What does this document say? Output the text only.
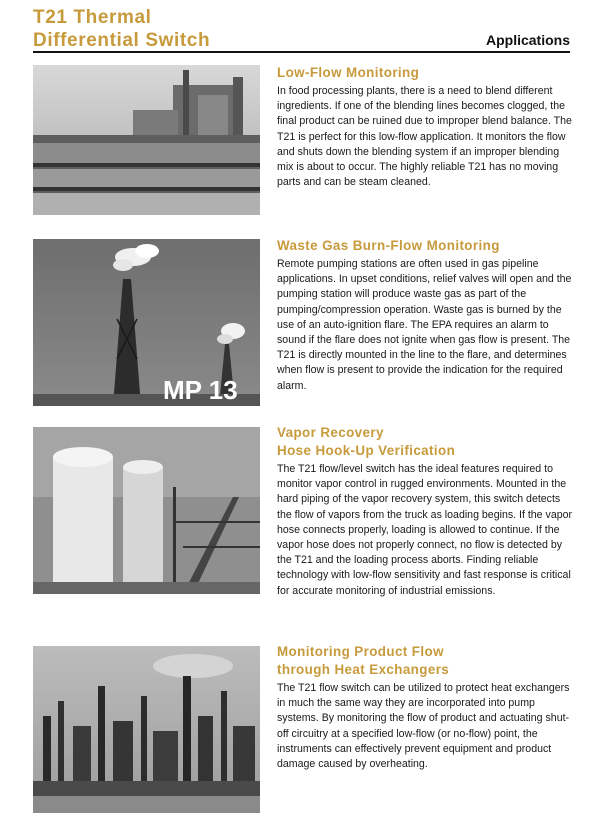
T21 Thermal
Differential Switch	Applications
MP 13
Low-Flow Monitoring

In food processing plants, there is a need to blend different ingredients. If one of the blending lines becomes clogged, the final product can be ruined due to improper blend balance. The T21 is perfect for this low-flow application. It monitors the flow and shuts down the blending system if an improper blending mix is about to occur. The highly reliable T21 has no moving parts and can be steam cleaned.

Waste Gas Burn-Flow Monitoring

Remote pumping stations are often used in gas pipeline applications. In upset conditions, relief valves will open and the pumping station will produce waste gas as part of the pumping/compression operation. Waste gas is burned by the use of an auto-ignition flare. The EPA requires an alarm to sound if the flare does not ignite when gas flow is present. The T21 is directly mounted in the line to the flare, and determines when flow is present to provide the indication for the required alarm.

Vapor Recovery
Hose Hook-Up Verification

The T21 flow/level switch has the ideal features required to monitor vapor control in rugged environments. Mounted in the hard piping of the vapor recovery system, this switch detects the flow of vapors from the truck as loading begins. If the vapor hose connects properly, loading is allowed to continue. If the vapor hose does not properly connect, no flow is detected by the T21 and the loading process aborts. Finding reliable technology with low-flow sensitivity and fast response is critical for accurate monitoring of industrial emissions.

Monitoring Product Flow
through Heat Exchangers

The T21 flow switch can be utilized to protect heat exchangers in much the same way they are incorporated into pump systems. By monitoring the flow of product and actuating shut-off circuitry at a specified low-flow (or no-flow) point, the instruments can effectively prevent equipment and product damage caused by overheating.
